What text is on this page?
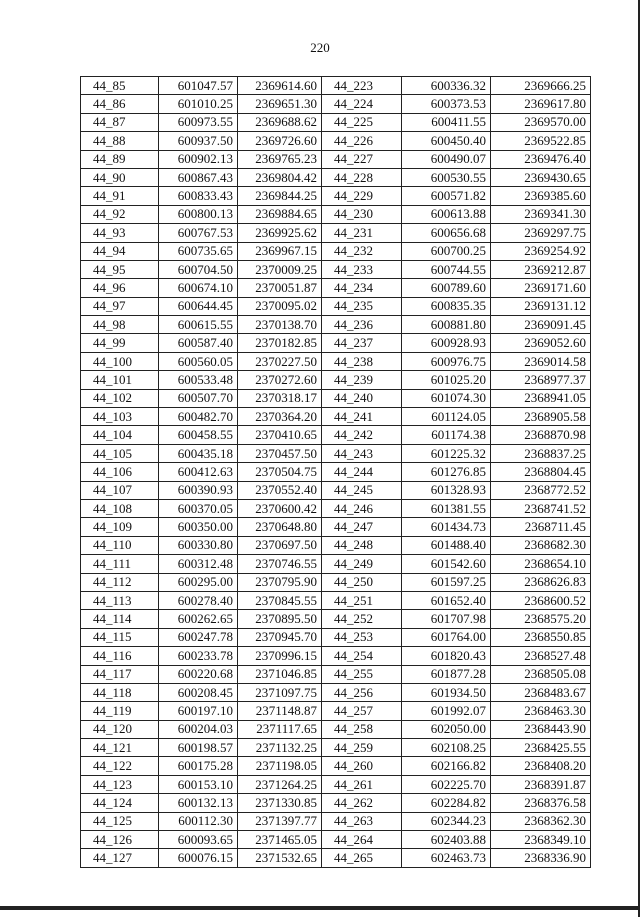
220
44_85	601047.57	2369614.60	44_223	600336.32	2369666.25
44_86	601010.25	2369651.30	44_224	600373.53	2369617.80
44_87	600973.55	2369688.62	44_225	600411.55	2369570.00
44_88	600937.50	2369726.60	44_226	600450.40	2369522.85
44_89	600902.13	2369765.23	44_227	600490.07	2369476.40
44_90	600867.43	2369804.42	44_228	600530.55	2369430.65
44_91	600833.43	2369844.25	44_229	600571.82	2369385.60
44_92	600800.13	2369884.65	44_230	600613.88	2369341.30
44_93	600767.53	2369925.62	44_231	600656.68	2369297.75
44_94	600735.65	2369967.15	44_232	600700.25	2369254.92
44_95	600704.50	2370009.25	44_233	600744.55	2369212.87
44_96	600674.10	2370051.87	44_234	600789.60	2369171.60
44_97	600644.45	2370095.02	44_235	600835.35	2369131.12
44_98	600615.55	2370138.70	44_236	600881.80	2369091.45
44_99	600587.40	2370182.85	44_237	600928.93	2369052.60
44_100	600560.05	2370227.50	44_238	600976.75	2369014.58
44_101	600533.48	2370272.60	44_239	601025.20	2368977.37
44_102	600507.70	2370318.17	44_240	601074.30	2368941.05
44_103	600482.70	2370364.20	44_241	601124.05	2368905.58
44_104	600458.55	2370410.65	44_242	601174.38	2368870.98
44_105	600435.18	2370457.50	44_243	601225.32	2368837.25
44_106	600412.63	2370504.75	44_244	601276.85	2368804.45
44_107	600390.93	2370552.40	44_245	601328.93	2368772.52
44_108	600370.05	2370600.42	44_246	601381.55	2368741.52
44_109	600350.00	2370648.80	44_247	601434.73	2368711.45
44_110	600330.80	2370697.50	44_248	601488.40	2368682.30
44_111	600312.48	2370746.55	44_249	601542.60	2368654.10
44_112	600295.00	2370795.90	44_250	601597.25	2368626.83
44_113	600278.40	2370845.55	44_251	601652.40	2368600.52
44_114	600262.65	2370895.50	44_252	601707.98	2368575.20
44_115	600247.78	2370945.70	44_253	601764.00	2368550.85
44_116	600233.78	2370996.15	44_254	601820.43	2368527.48
44_117	600220.68	2371046.85	44_255	601877.28	2368505.08
44_118	600208.45	2371097.75	44_256	601934.50	2368483.67
44_119	600197.10	2371148.87	44_257	601992.07	2368463.30
44_120	600204.03	2371117.65	44_258	602050.00	2368443.90
44_121	600198.57	2371132.25	44_259	602108.25	2368425.55
44_122	600175.28	2371198.05	44_260	602166.82	2368408.20
44_123	600153.10	2371264.25	44_261	602225.70	2368391.87
44_124	600132.13	2371330.85	44_262	602284.82	2368376.58
44_125	600112.30	2371397.77	44_263	602344.23	2368362.30
44_126	600093.65	2371465.05	44_264	602403.88	2368349.10
44_127	600076.15	2371532.65	44_265	602463.73	2368336.90
